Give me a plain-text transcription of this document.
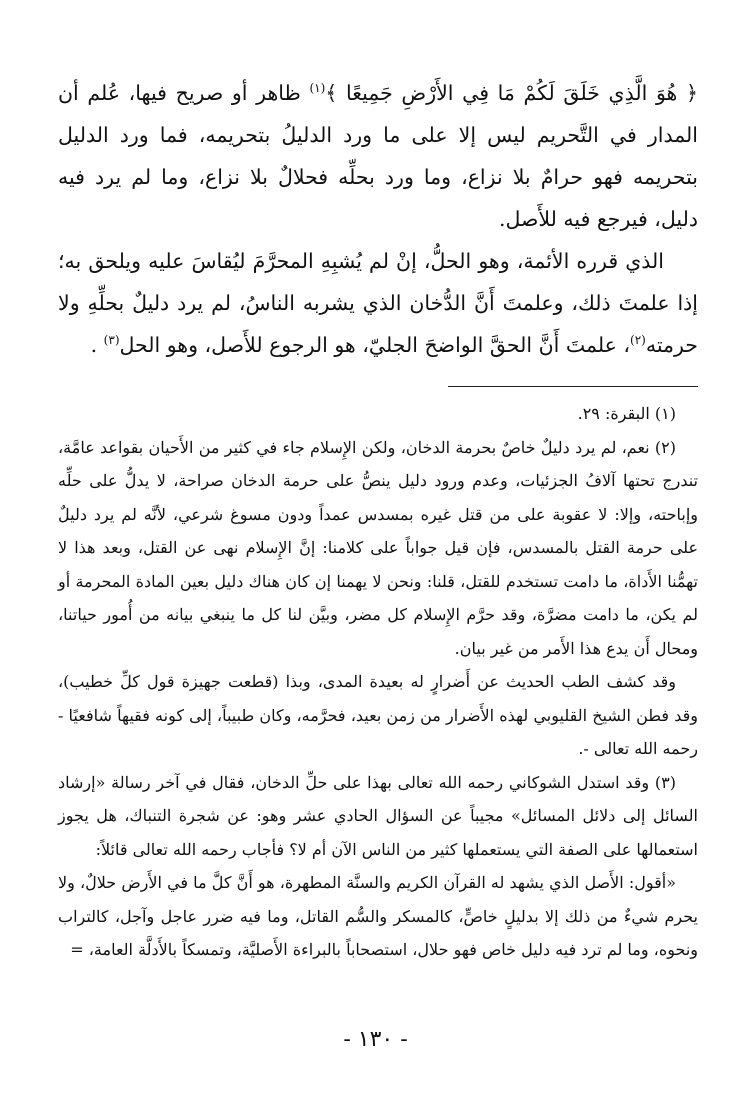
﴿ هُوَ الَّذِي خَلَقَ لَكُمْ مَا فِي الأَرْضِ جَمِيعًا ﴾$^{(١)}$ ظاهر أو صريح فيها، عُلم أن المدار في التَّحريم ليس إلا على ما ورد الدليلُ بتحريمه، فما ورد الدليل بتحريمه فهو حرامٌ بلا نزاع، وما ورد بحلِّه فحلالٌ بلا نزاع، وما لم يرد فيه دليل، فيرجع فيه للأَصل.

الذي قرره الأئمة، وهو الحلُّ، إنْ لم يُشبِهِ المحرَّمَ ليُقاسَ عليه ويلحق به؛ إذا علمتَ ذلك، وعلمتَ أَنَّ الدُّخان الذي يشربه الناسُ، لم يرد دليلٌ بحلِّهِ ولا حرمته$^{(٢)}$، علمتَ أَنَّ الحقَّ الواضحَ الجليّ، هو الرجوع للأَصل، وهو الحل$^{(٣)}$ .

(١) البقرة: ٢٩.

(٢) نعم، لم يرد دليلٌ خاصٌ بحرمة الدخان، ولكن الإِسلام جاء في كثير من الأَحيان بقواعد عامَّة، تندرج تحتها آلافُ الجزئيات، وعدم ورود دليل ينصُّ على حرمة الدخان صراحة، لا يدلُّ على حلِّه وإباحته، وإلا: لا عقوبة على من قتل غيره بمسدس عمداً ودون مسوغ شرعي، لأنَّه لم يرد دليلٌ على حرمة القتل بالمسدس، فإن قيل جواباً على كلامنا: إنَّ الإِسلام نهى عن القتل، وبعد هذا لا تهمُّنا الأَداة، ما دامت تستخدم للقتل، قلنا: ونحن لا يهمنا إن كان هناك دليل بعين المادة المحرمة أو لم يكن، ما دامت مضرَّة، وقد حرَّم الإِسلام كل مضر، وبيَّن لنا كل ما ينبغي بيانه من أُمور حياتنا، ومحال أَن يدع هذا الأَمر من غير بيان.

وقد كشف الطب الحديث عن أَضرارٍ له بعيدة المدى، وبذا (قطعت جهيزة قول كلِّ خطيب)، وقد فطن الشيخ القليوبي لهذه الأَضرار من زمن بعيد، فحرَّمه، وكان طبيباً، إلى كونه فقيهاً شافعيًا - رحمه الله تعالى -.

(٣) وقد استدل الشوكاني رحمه الله تعالى بهذا على حلِّ الدخان، فقال في آخر رسالة «إرشاد السائل إلى دلائل المسائل» مجيباً عن السؤال الحادي عشر وهو: عن شجرة التنباك، هل يجوز استعمالها على الصفة التي يستعملها كثير من الناس الآن أم لا؟ فأجاب رحمه الله تعالى قائلاً:

«أقول: الأَصل الذي يشهد له القرآن الكريم والسنَّة المطهرة، هو أَنَّ كلَّ ما في الأَرض حلالٌ، ولا يحرم شيءٌ من ذلك إلا بدليلٍ خاصٍّ، كالمسكر والسُّم القاتل، وما فيه ضرر عاجل وآجل، كالتراب ونحوه، وما لم ترد فيه دليل خاص فهو حلال، استصحاباً بالبراءة الأَصليَّة، وتمسكاً بالأَدلَّة العامة، =

- ١٣٠ -
